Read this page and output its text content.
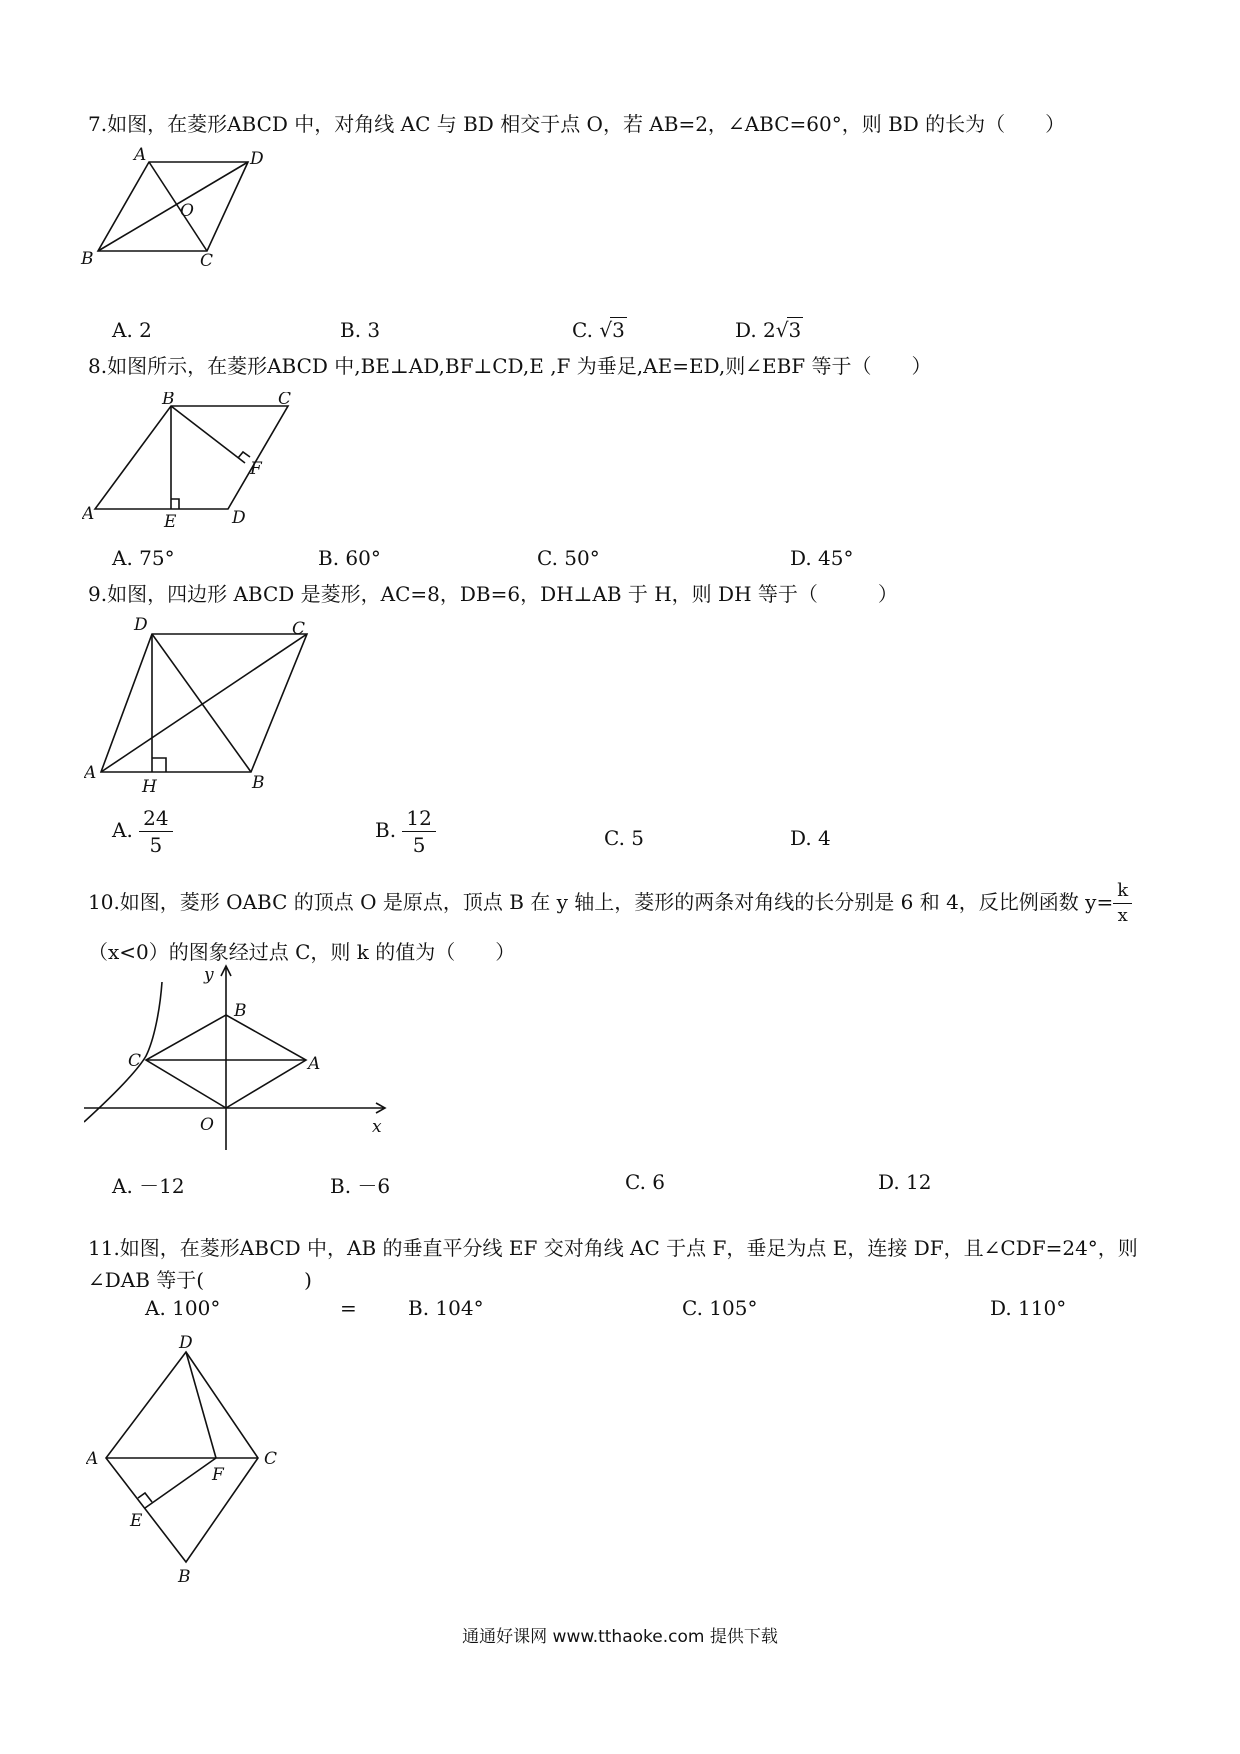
7.如图，在菱形ABCD 中，对角线 AC 与 BD 相交于点 O，若 AB=2，∠ABC=60°，则 BD 的长为（　　）
A	D
B	C
O
A. 2	B. 3	C. √3	D. 2√3
8.如图所示，在菱形ABCD 中,BE⊥AD,BF⊥CD,E ,F 为垂足,AE=ED,则∠EBF 等于（　　）
B	C
F
A	E	D
A. 75°	B. 60°	C. 50°	D. 45°
9.如图，四边形 ABCD 是菱形，AC=8，DB=6，DH⊥AB 于 H，则 DH 等于（　　　）
D	C
A
H	B
A. $\frac{24}{5}$	B. $\frac{12}{5}$	C. 5	D. 4
10.如图，菱形 OABC 的顶点 O 是原点，顶点 B 在 y 轴上，菱形的两条对角线的长分别是 6 和 4，反比例函数 $y= \frac{k}{x}$
（x<0）的图象经过点 C，则 k 的值为（　　）
y
B
C	A
O	x
A. －12	B. －6	C. 6	D. 12
11.如图，在菱形ABCD 中，AB 的垂直平分线 EF 交对角线 AC 于点 F，垂足为点 E，连接 DF，且∠CDF=24°，则
∠DAB 等于(　　　　　)
A. 100°	=	B. 104°	C. 105°	D. 110°
D
A	C
F
E
B
通通好课网 www.tthaoke.com 提供下载
